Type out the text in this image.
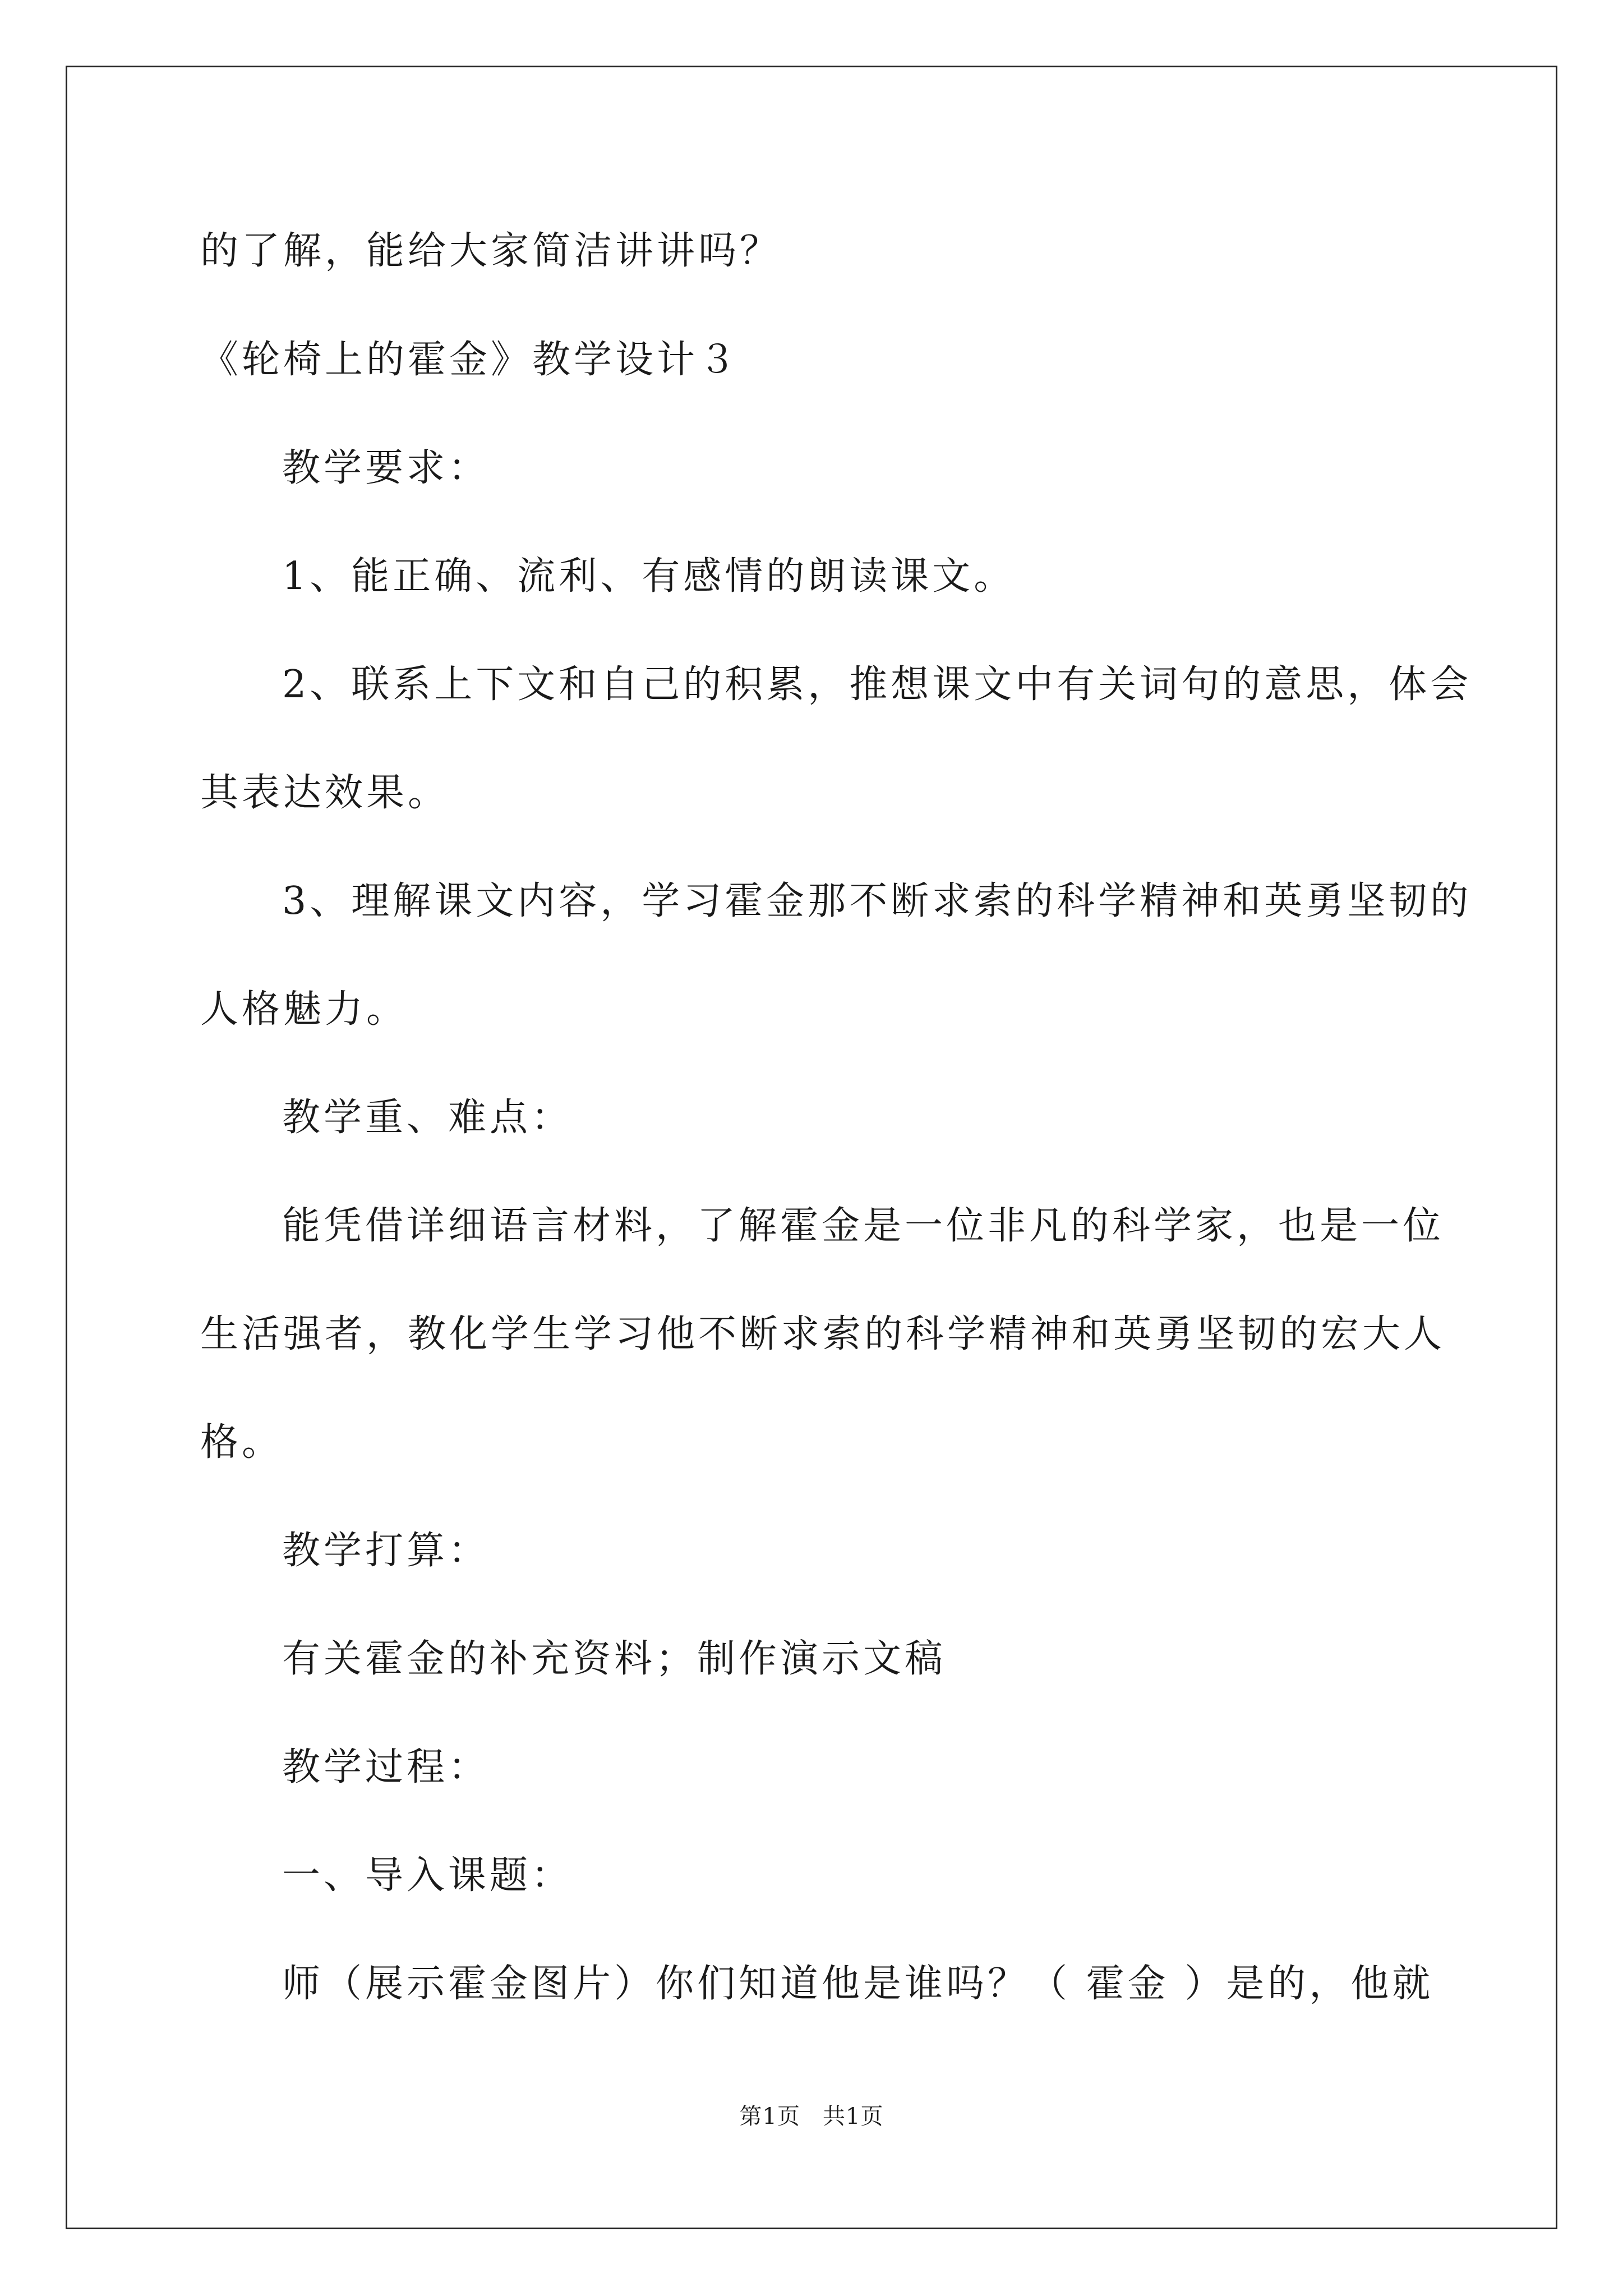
的了解，能给大家简洁讲讲吗？
《轮椅上的霍金》教学设计３
教学要求：
1、能正确、流利、有感情的朗读课文。
2、联系上下文和自己的积累，推想课文中有关词句的意思，体会
其表达效果。
3、理解课文内容，学习霍金那不断求索的科学精神和英勇坚韧的
人格魅力。
教学重、难点：
能凭借详细语言材料，了解霍金是一位非凡的科学家，也是一位
生活强者，教化学生学习他不断求索的科学精神和英勇坚韧的宏大人
格。
教学打算：
有关霍金的补充资料；制作演示文稿
教学过程：
一、导入课题：
师（展示霍金图片）你们知道他是谁吗？（ 霍金 ）是的，他就
第1页 共1页
